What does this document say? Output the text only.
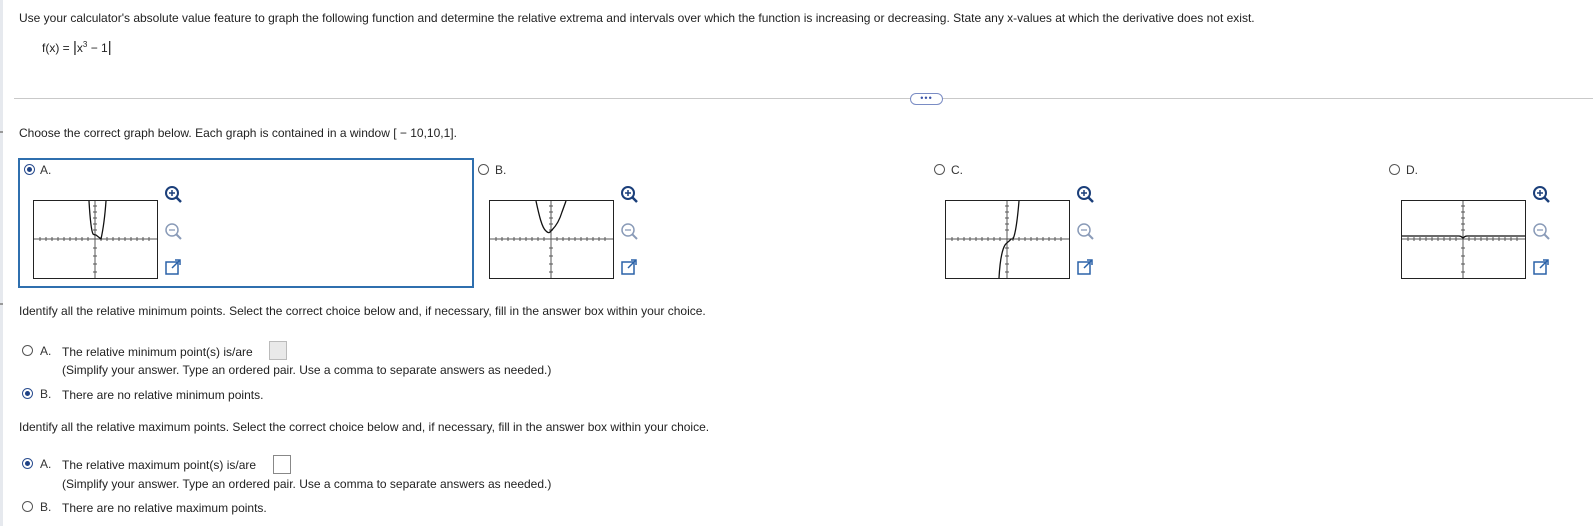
Use your calculator's absolute value feature to graph the following function and determine the relative extrema and intervals over which the function is increasing or decreasing. State any x-values at which the derivative does not exist.
$f(x) = |x^3 - 1|$
•••
Choose the correct graph below. Each graph is contained in a window [ − 10,10,1].
A.	B.	C.	D.
Identify all the relative minimum points. Select the correct choice below and, if necessary, fill in the answer box within your choice.
A. The relative minimum point(s) is/are
(Simplify your answer. Type an ordered pair. Use a comma to separate answers as needed.)
B. There are no relative minimum points.
Identify all the relative maximum points. Select the correct choice below and, if necessary, fill in the answer box within your choice.
A. The relative maximum point(s) is/are
(Simplify your answer. Type an ordered pair. Use a comma to separate answers as needed.)
B. There are no relative maximum points.
